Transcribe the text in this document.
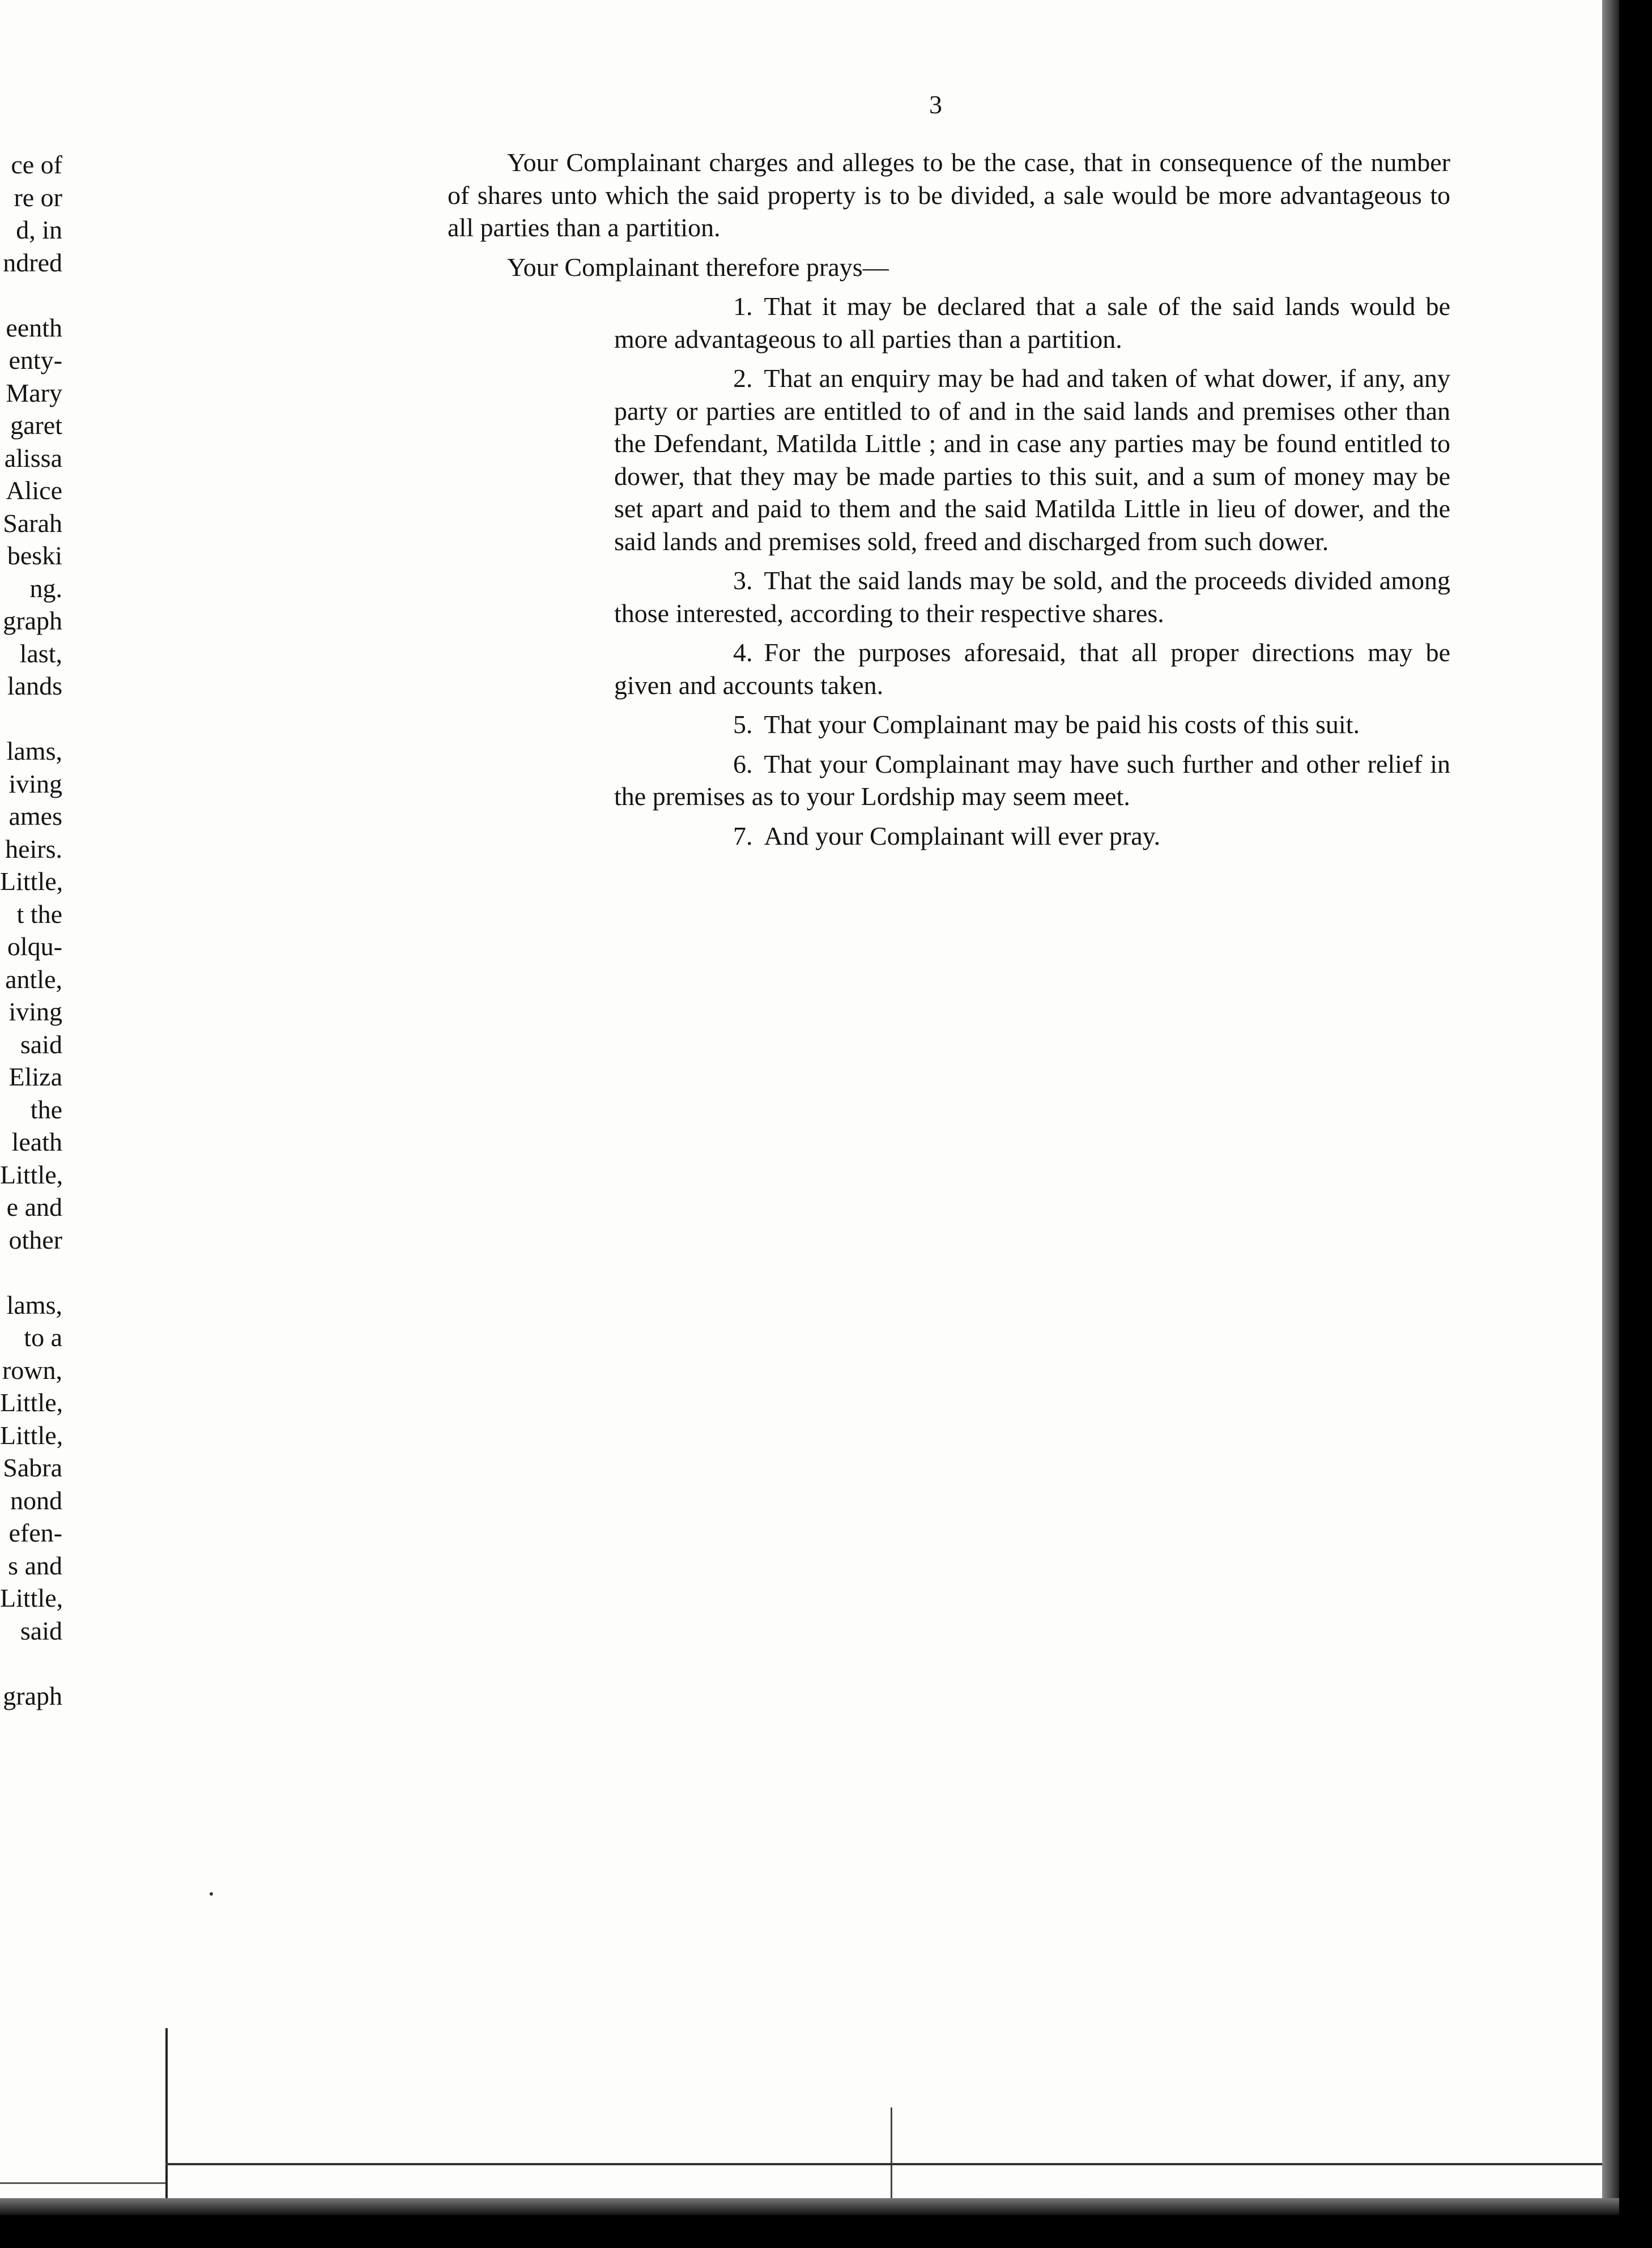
3
ce of
re or
d, in
ndred
eenth
enty-
Mary
garet
alissa
Alice
Sarah
beski
ng.
graph
last,
lands
lams,
iving
ames
heirs.
Little,
t the
olqu-
antle,
iving
said
Eliza
the
leath
Little,
e and
other
lams,
to a
rown,
Little,
Little,
Sabra
nond
efen-
s and
Little,
said
graph

Your Complainant charges and alleges to be the case, that in consequence of the number of shares unto which the said property is to be divided, a sale would be more advantageous to all parties than a partition.

Your Complainant therefore prays—

1. That it may be declared that a sale of the said lands would be more advantageous to all parties than a partition.

2. That an enquiry may be had and taken of what dower, if any, any party or parties are entitled to of and in the said lands and premises other than the Defendant, Matilda Little ; and in case any parties may be found entitled to dower, that they may be made parties to this suit, and a sum of money may be set apart and paid to them and the said Matilda Little in lieu of dower, and the said lands and premises sold, freed and discharged from such dower.

3. That the said lands may be sold, and the proceeds divided among those interested, according to their respective shares.

4. For the purposes aforesaid, that all proper directions may be given and accounts taken.

5. That your Complainant may be paid his costs of this suit.

6. That your Complainant may have such further and other relief in the premises as to your Lordship may seem meet.

7. And your Complainant will ever pray.
